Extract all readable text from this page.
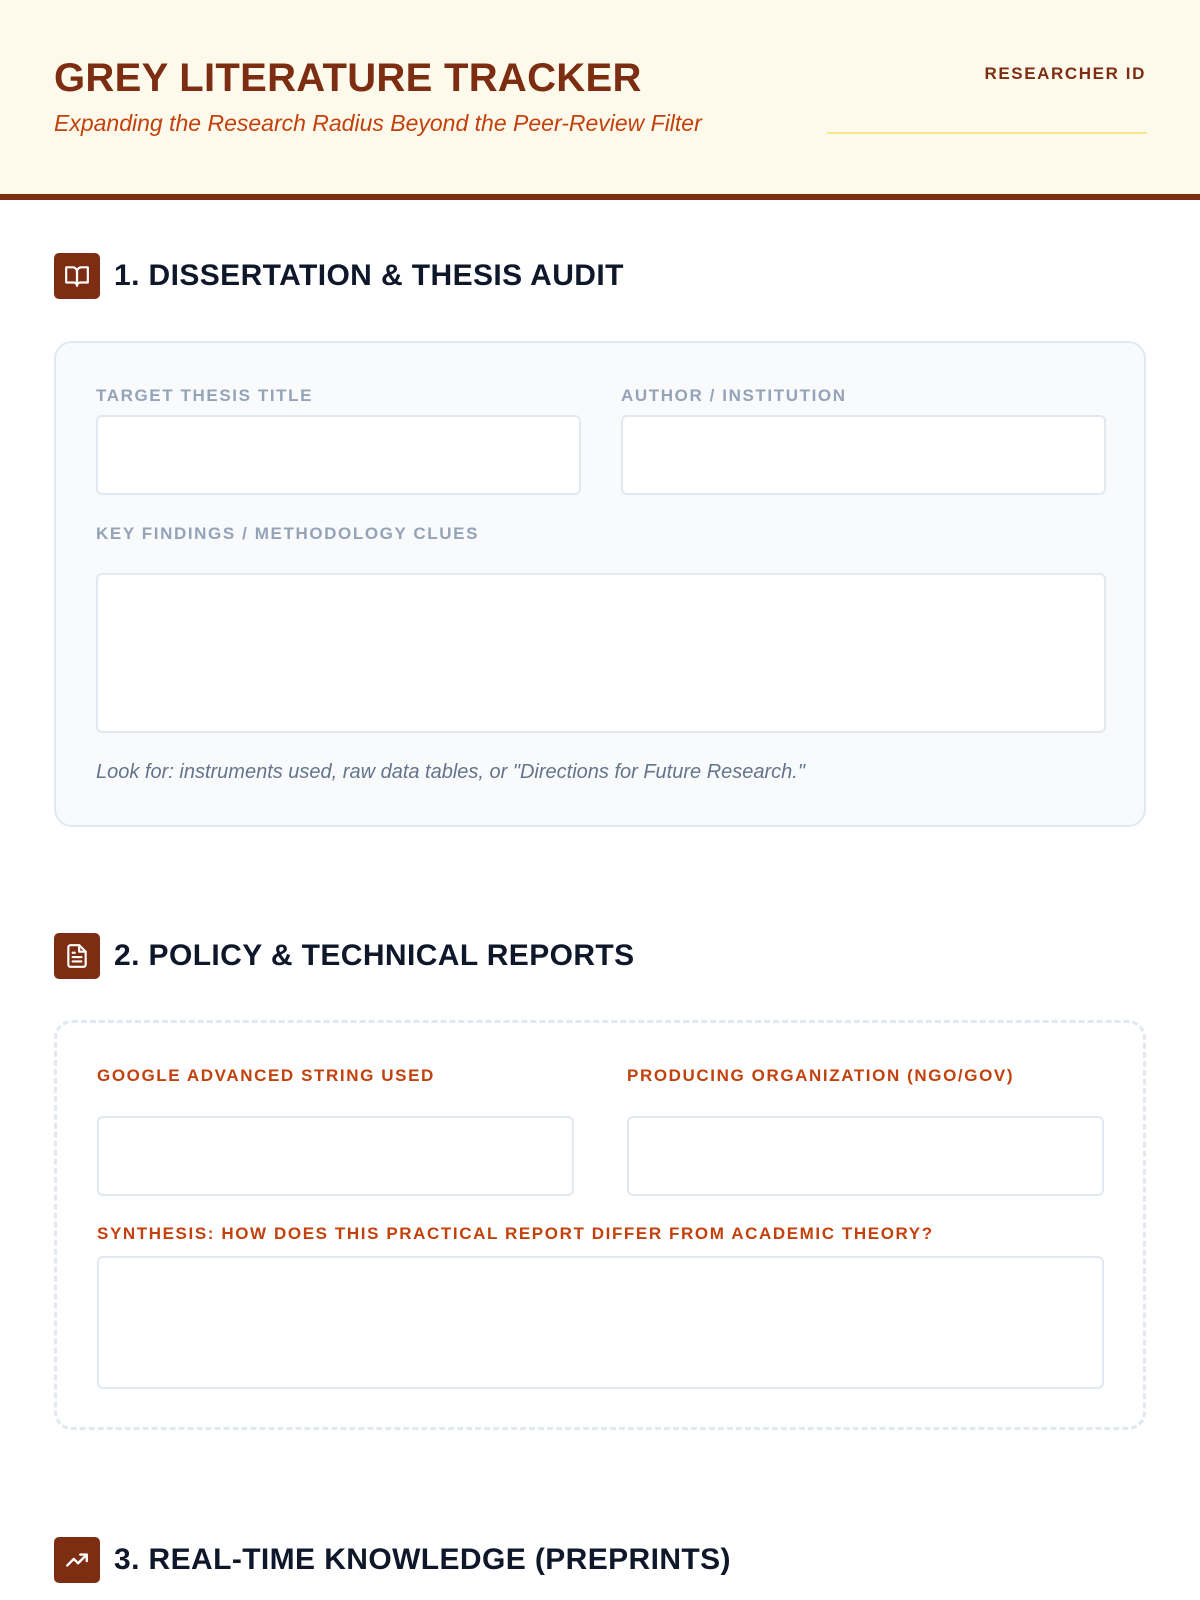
GREY LITERATURE TRACKER

Expanding the Research Radius Beyond the Peer-Review Filter

RESEARCHER ID
1. DISSERTATION & THESIS AUDIT
TARGET THESIS TITLE	AUTHOR / INSTITUTION
KEY FINDINGS / METHODOLOGY CLUES
Look for: instruments used, raw data tables, or "Directions for Future Research."
2. POLICY & TECHNICAL REPORTS
GOOGLE ADVANCED STRING USED	PRODUCING ORGANIZATION (NGO/GOV)
SYNTHESIS: HOW DOES THIS PRACTICAL REPORT DIFFER FROM ACADEMIC THEORY?
3. REAL-TIME KNOWLEDGE (PREPRINTS)
